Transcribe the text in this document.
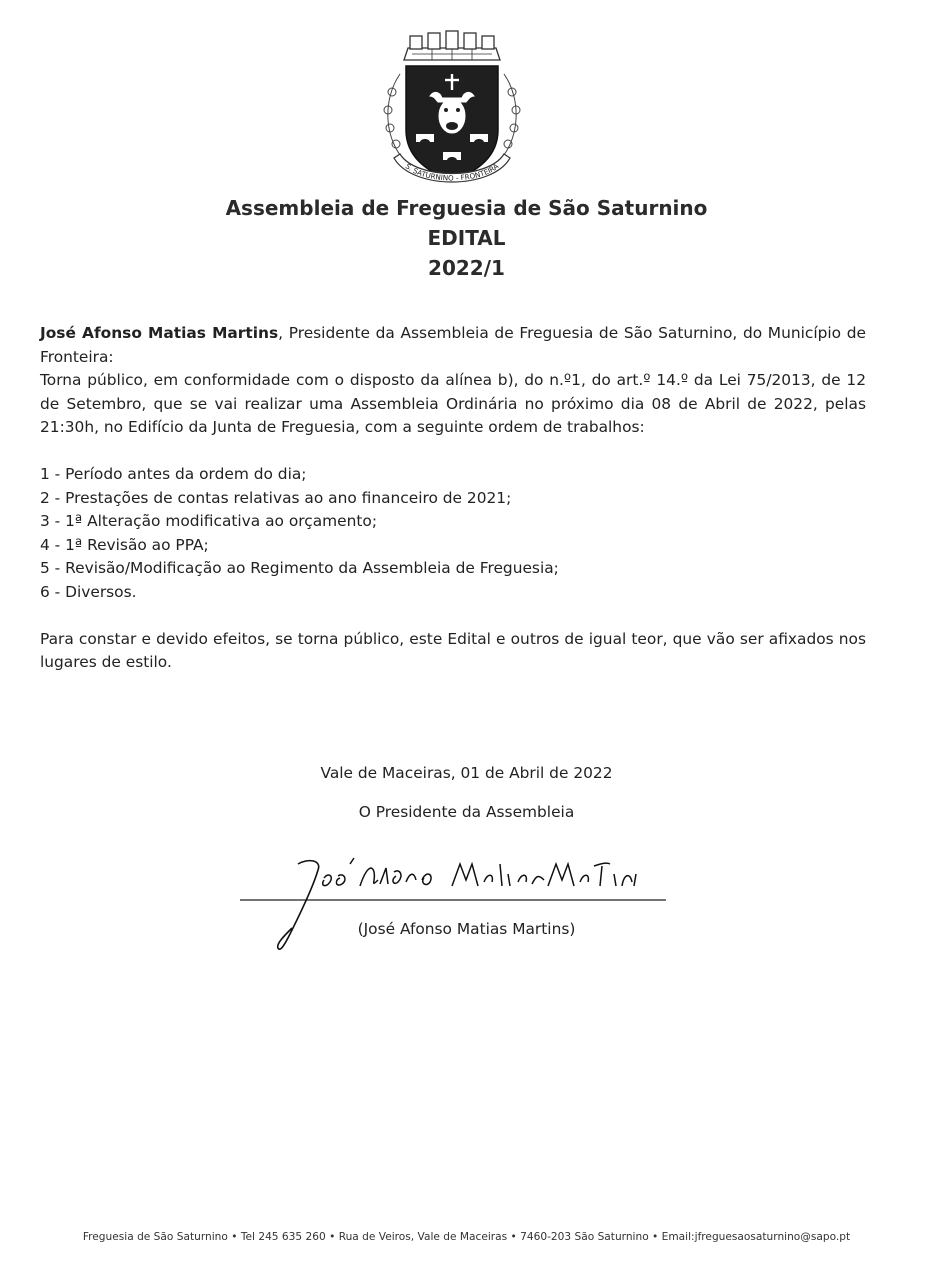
S. SATURNINO - FRONTEIRA
Assembleia de Freguesia de São Saturnino
EDITAL
2022/1

José Afonso Matias Martins, Presidente da Assembleia de Freguesia de São Saturnino, do Município de Fronteira:

Torna público, em conformidade com o disposto da alínea b), do n.º1, do art.º 14.º da Lei 75/2013, de 12 de Setembro, que se vai realizar uma Assembleia Ordinária no próximo dia 08 de Abril de 2022, pelas 21:30h, no Edifício da Junta de Freguesia, com a seguinte ordem de trabalhos:

1 - Período antes da ordem do dia;
2 - Prestações de contas relativas ao ano financeiro de 2021;
3 - 1ª Alteração modificativa ao orçamento;
4 - 1ª Revisão ao PPA;
5 - Revisão/Modificação ao Regimento da Assembleia de Freguesia;
6 - Diversos.

Para constar e devido efeitos, se torna público, este Edital e outros de igual teor, que vão ser afixados nos lugares de estilo.

Vale de Maceiras, 01 de Abril de 2022
O Presidente da Assembleia
(José Afonso Matias Martins)
Freguesia de São Saturnino • Tel 245 635 260 • Rua de Veiros, Vale de Maceiras • 7460-203 São Saturnino • Email:jfreguesaosaturnino@sapo.pt
